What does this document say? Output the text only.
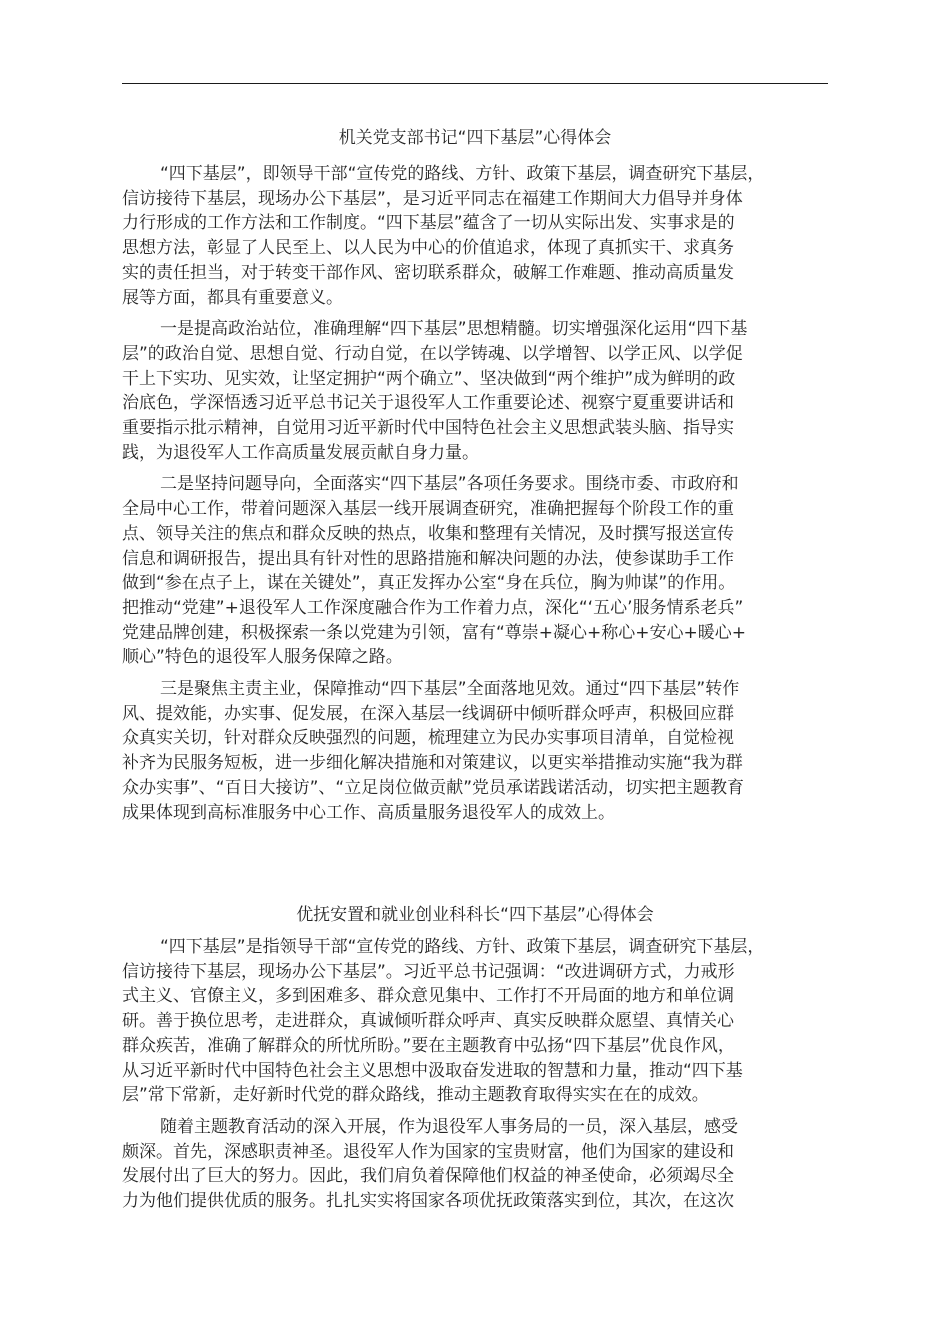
机关党支部书记“四下基层”心得体会

“四下基层”，即领导干部“宣传党的路线、方针、政策下基层，调查研究下基层，
信访接待下基层，现场办公下基层”，是习近平同志在福建工作期间大力倡导并身体
力行形成的工作方法和工作制度。“四下基层”蕴含了一切从实际出发、实事求是的
思想方法，彰显了人民至上、以人民为中心的价值追求，体现了真抓实干、求真务
实的责任担当，对于转变干部作风、密切联系群众，破解工作难题、推动高质量发
展等方面，都具有重要意义。

一是提高政治站位，准确理解“四下基层”思想精髓。切实增强深化运用“四下基
层”的政治自觉、思想自觉、行动自觉，在以学铸魂、以学增智、以学正风、以学促
干上下实功、见实效，让坚定拥护“两个确立”、坚决做到“两个维护”成为鲜明的政
治底色，学深悟透习近平总书记关于退役军人工作重要论述、视察宁夏重要讲话和
重要指示批示精神，自觉用习近平新时代中国特色社会主义思想武装头脑、指导实
践，为退役军人工作高质量发展贡献自身力量。

二是坚持问题导向，全面落实“四下基层”各项任务要求。围绕市委、市政府和
全局中心工作，带着问题深入基层一线开展调查研究，准确把握每个阶段工作的重
点、领导关注的焦点和群众反映的热点，收集和整理有关情况，及时撰写报送宣传
信息和调研报告，提出具有针对性的思路措施和解决问题的办法，使参谋助手工作
做到“参在点子上，谋在关键处”，真正发挥办公室“身在兵位，胸为帅谋”的作用。
把推动“党建”+退役军人工作深度融合作为工作着力点，深化“‘五心’服务情系老兵”
党建品牌创建，积极探索一条以党建为引领，富有“尊崇+凝心+称心+安心+暖心+
顺心”特色的退役军人服务保障之路。

三是聚焦主责主业，保障推动“四下基层”全面落地见效。通过“四下基层”转作
风、提效能，办实事、促发展，在深入基层一线调研中倾听群众呼声，积极回应群
众真实关切，针对群众反映强烈的问题，梳理建立为民办实事项目清单，自觉检视
补齐为民服务短板，进一步细化解决措施和对策建议，以更实举措推动实施“我为群
众办实事”、“百日大接访”、“立足岗位做贡献”党员承诺践诺活动，切实把主题教育
成果体现到高标准服务中心工作、高质量服务退役军人的成效上。

优抚安置和就业创业科科长“四下基层”心得体会

“四下基层”是指领导干部“宣传党的路线、方针、政策下基层，调查研究下基层，
信访接待下基层，现场办公下基层”。习近平总书记强调：“改进调研方式，力戒形
式主义、官僚主义，多到困难多、群众意见集中、工作打不开局面的地方和单位调
研。善于换位思考，走进群众，真诚倾听群众呼声、真实反映群众愿望、真情关心
群众疾苦，准确了解群众的所忧所盼。”要在主题教育中弘扬“四下基层”优良作风，
从习近平新时代中国特色社会主义思想中汲取奋发进取的智慧和力量，推动“四下基
层”常下常新，走好新时代党的群众路线，推动主题教育取得实实在在的成效。

随着主题教育活动的深入开展，作为退役军人事务局的一员，深入基层，感受
颇深。首先，深感职责神圣。退役军人作为国家的宝贵财富，他们为国家的建设和
发展付出了巨大的努力。因此，我们肩负着保障他们权益的神圣使命，必须竭尽全
力为他们提供优质的服务。扎扎实实将国家各项优抚政策落实到位，其次，在这次
